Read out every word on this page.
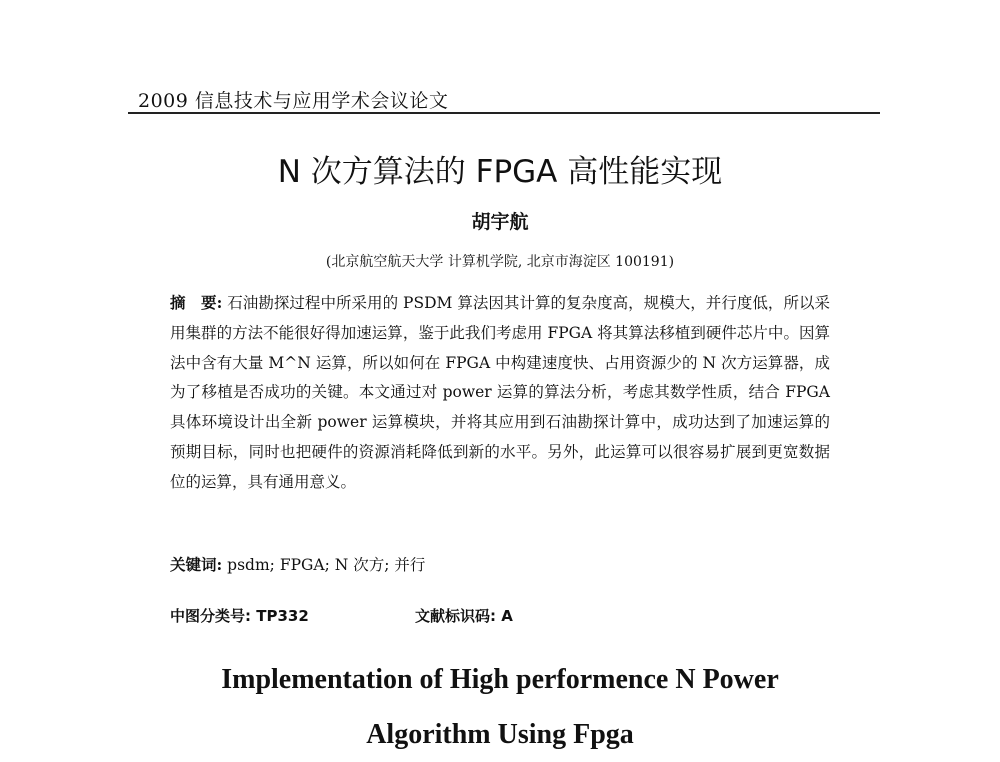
2009 信息技术与应用学术会议论文
N 次方算法的 FPGA 高性能实现
胡宇航
(北京航空航天大学 计算机学院, 北京市海淀区 100191)
摘　要: 石油勘探过程中所采用的 PSDM 算法因其计算的复杂度高，规模大，并行度低，所以采用集群的方法不能很好得加速运算，鉴于此我们考虑用 FPGA 将其算法移植到硬件芯片中。因算法中含有大量 M^N 运算，所以如何在 FPGA 中构建速度快、占用资源少的 N 次方运算器，成为了移植是否成功的关键。本文通过对 power 运算的算法分析，考虑其数学性质，结合 FPGA 具体环境设计出全新 power 运算模块，并将其应用到石油勘探计算中，成功达到了加速运算的预期目标，同时也把硬件的资源消耗降低到新的水平。另外，此运算可以很容易扩展到更宽数据位的运算，具有通用意义。
关键词: psdm; FPGA; N 次方; 并行
中图分类号: TP332	文献标识码: A
Implementation of High performence N Power
Algorithm Using Fpga
